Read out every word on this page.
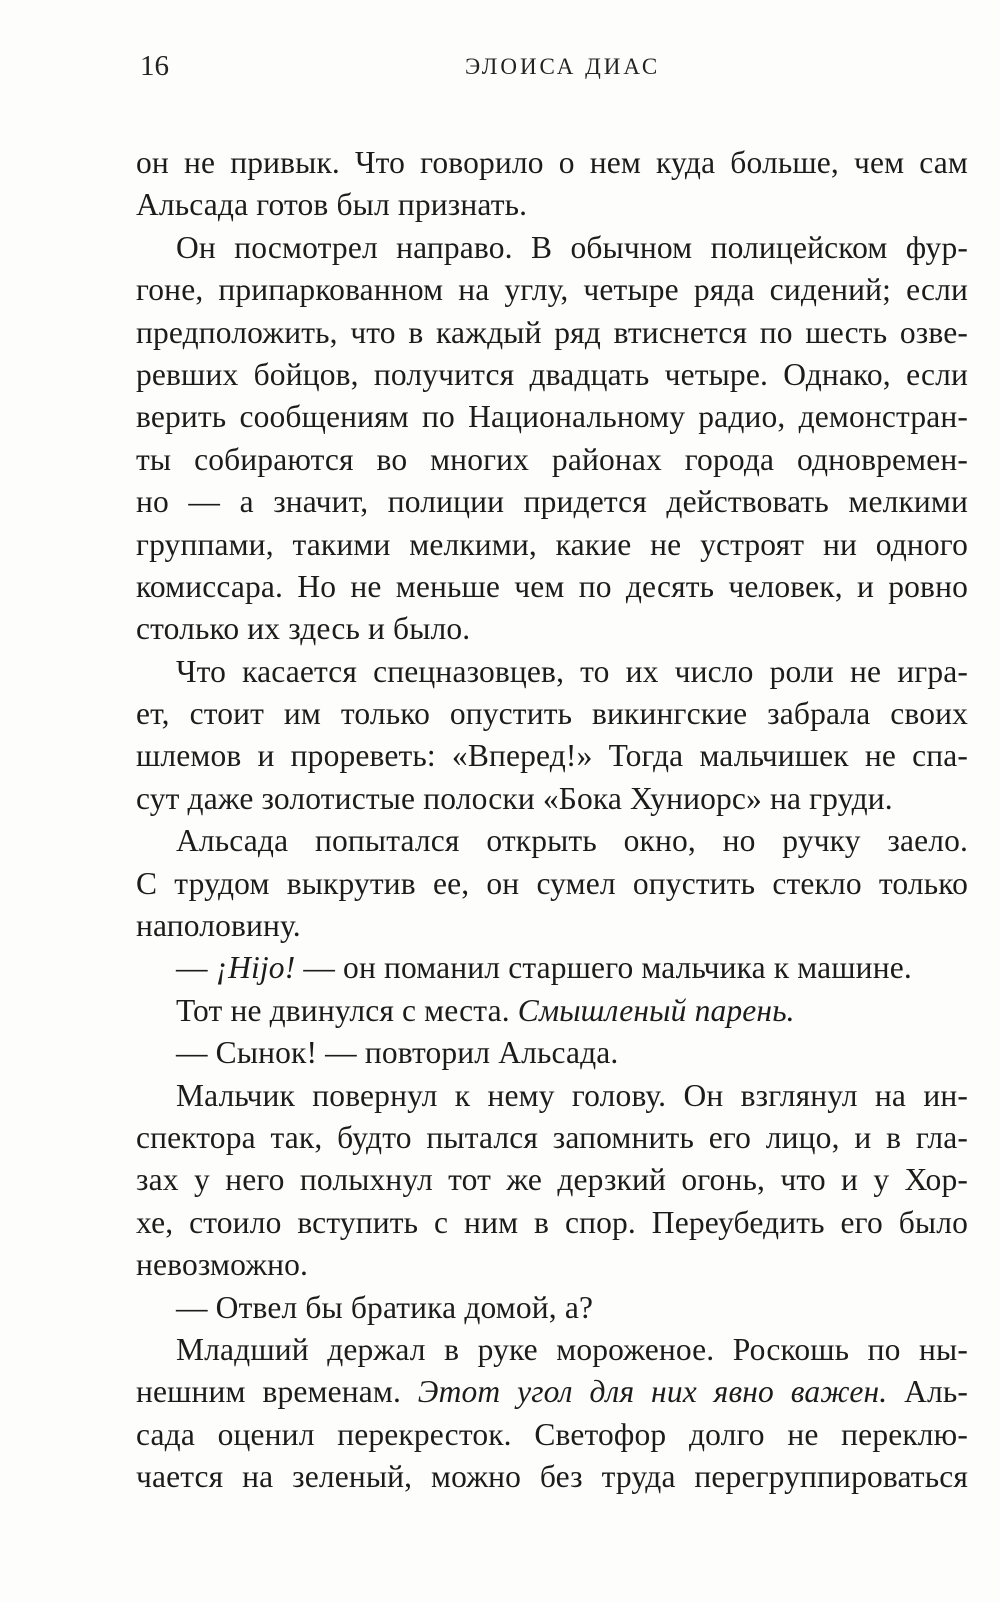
16	ЭЛОИСА ДИАС
он не привык. Что говорило о нем куда больше, чем сам
Альсада готов был признать.
Он посмотрел направо. В обычном полицейском фур-
гоне, припаркованном на углу, четыре ряда сидений; если
предположить, что в каждый ряд втиснется по шесть озве-
ревших бойцов, получится двадцать четыре. Однако, если
верить сообщениям по Национальному радио, демонстран-
ты собираются во многих районах города одновремен-
но — а значит, полиции придется действовать мелкими
группами, такими мелкими, какие не устроят ни одного
комиссара. Но не меньше чем по десять человек, и ровно
столько их здесь и было.
Что касается спецназовцев, то их число роли не игра-
ет, стоит им только опустить викингские забрала своих
шлемов и прореветь: «Вперед!» Тогда мальчишек не спа-
сут даже золотистые полоски «Бока Хуниорс» на груди.
Альсада попытался открыть окно, но ручку заело.
С трудом выкрутив ее, он сумел опустить стекло только
наполовину.
— ¡Hijo! — он поманил старшего мальчика к машине.
Тот не двинулся с места. Смышленый парень.
— Сынок! — повторил Альсада.
Мальчик повернул к нему голову. Он взглянул на ин-
спектора так, будто пытался запомнить его лицо, и в гла-
зах у него полыхнул тот же дерзкий огонь, что и у Хор-
хе, стоило вступить с ним в спор. Переубедить его было
невозможно.
— Отвел бы братика домой, а?
Младший держал в руке мороженое. Роскошь по ны-
нешним временам. Этот угол для них явно важен. Аль-
сада оценил перекресток. Светофор долго не переклю-
чается на зеленый, можно без труда перегруппироваться
